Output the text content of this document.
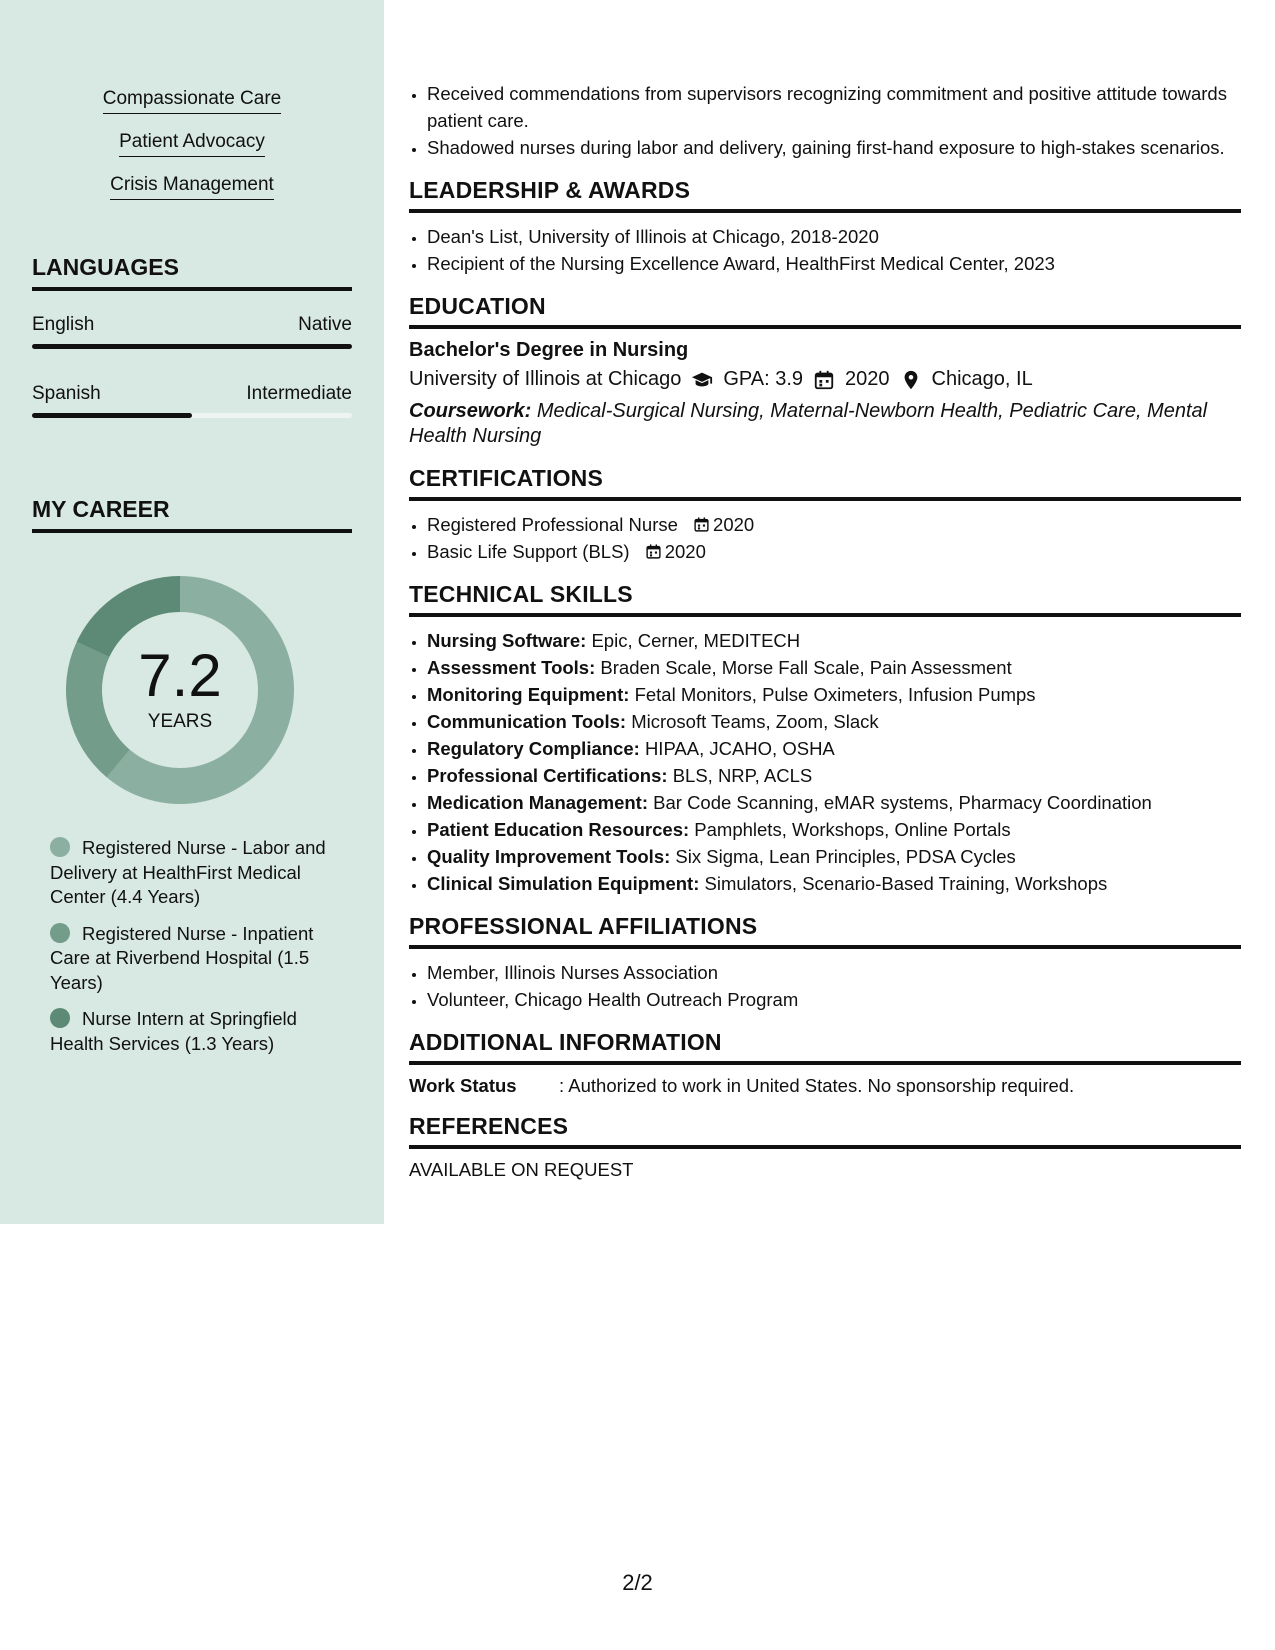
Compassionate Care
Patient Advocacy
Crisis Management
LANGUAGES
English	Native
Spanish	Intermediate
MY CAREER
7.2
YEARS
Registered Nurse - Labor and Delivery at HealthFirst Medical Center (4.4 Years)
Registered Nurse - Inpatient Care at Riverbend Hospital (1.5 Years)
Nurse Intern at Springfield Health Services (1.3 Years)
• Received commendations from supervisors recognizing commitment and positive attitude towards patient care.
• Shadowed nurses during labor and delivery, gaining first-hand exposure to high-stakes scenarios.
LEADERSHIP & AWARDS
• Dean's List, University of Illinois at Chicago, 2018-2020
• Recipient of the Nursing Excellence Award, HealthFirst Medical Center, 2023
EDUCATION
Bachelor's Degree in Nursing
University of Illinois at Chicago GPA: 3.9 2020 Chicago, IL
Coursework: Medical-Surgical Nursing, Maternal-Newborn Health, Pediatric Care, Mental Health Nursing
CERTIFICATIONS
• Registered Professional Nurse 2020
• Basic Life Support (BLS) 2020
TECHNICAL SKILLS
• Nursing Software: Epic, Cerner, MEDITECH
• Assessment Tools: Braden Scale, Morse Fall Scale, Pain Assessment
• Monitoring Equipment: Fetal Monitors, Pulse Oximeters, Infusion Pumps
• Communication Tools: Microsoft Teams, Zoom, Slack
• Regulatory Compliance: HIPAA, JCAHO, OSHA
• Professional Certifications: BLS, NRP, ACLS
• Medication Management: Bar Code Scanning, eMAR systems, Pharmacy Coordination
• Patient Education Resources: Pamphlets, Workshops, Online Portals
• Quality Improvement Tools: Six Sigma, Lean Principles, PDSA Cycles
• Clinical Simulation Equipment: Simulators, Scenario-Based Training, Workshops
PROFESSIONAL AFFILIATIONS
• Member, Illinois Nurses Association
• Volunteer, Chicago Health Outreach Program
ADDITIONAL INFORMATION
Work Status	: Authorized to work in United States. No sponsorship required.
REFERENCES
AVAILABLE ON REQUEST
2/2
